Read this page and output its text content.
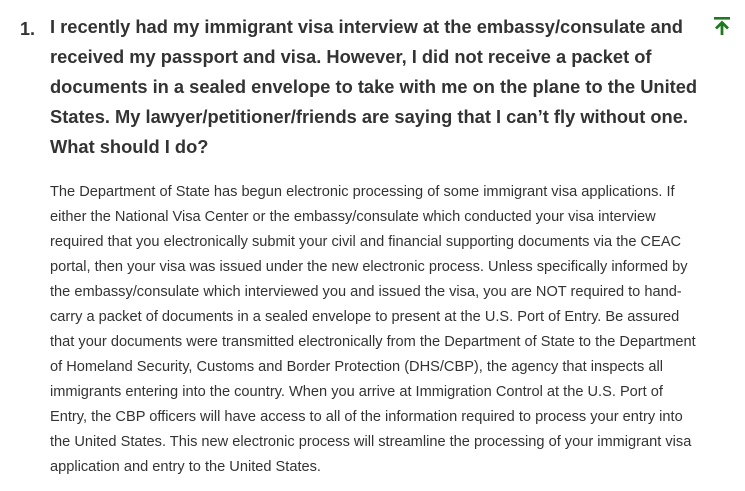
1. I recently had my immigrant visa interview at the embassy/consulate and received my passport and visa. However, I did not receive a packet of documents in a sealed envelope to take with me on the plane to the United States. My lawyer/petitioner/friends are saying that I can’t fly without one. What should I do?

The Department of State has begun electronic processing of some immigrant visa applications. If either the National Visa Center or the embassy/consulate which conducted your visa interview required that you electronically submit your civil and financial supporting documents via the CEAC portal, then your visa was issued under the new electronic process. Unless specifically informed by the embassy/consulate which interviewed you and issued the visa, you are NOT required to hand-carry a packet of documents in a sealed envelope to present at the U.S. Port of Entry. Be assured that your documents were transmitted electronically from the Department of State to the Department of Homeland Security, Customs and Border Protection (DHS/CBP), the agency that inspects all immigrants entering into the country. When you arrive at Immigration Control at the U.S. Port of Entry, the CBP officers will have access to all of the information required to process your entry into the United States. This new electronic process will streamline the processing of your immigrant visa application and entry to the United States.
